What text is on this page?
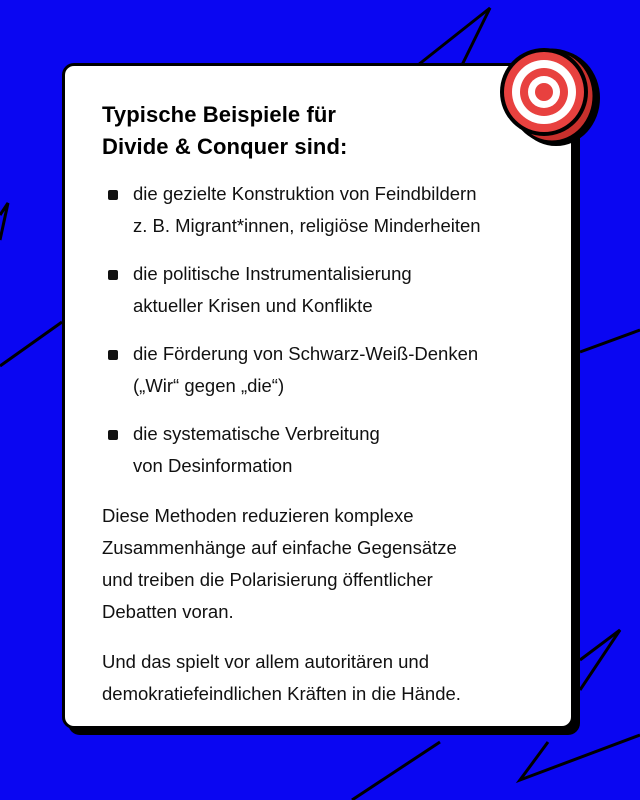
Typische Beispiele für
Divide & Conquer sind:
die gezielte Konstruktion von Feindbildern
z. B. Migrant*innen, religiöse Minderheiten
die politische Instrumentalisierung
aktueller Krisen und Konflikte
die Förderung von Schwarz-Weiß-Denken
(„Wir“ gegen „die“)
die systematische Verbreitung
von Desinformation

Diese Methoden reduzieren komplexe
Zusammenhänge auf einfache Gegensätze
und treiben die Polarisierung öffentlicher
Debatten voran.

Und das spielt vor allem autoritären und
demokratiefeindlichen Kräften in die Hände.
